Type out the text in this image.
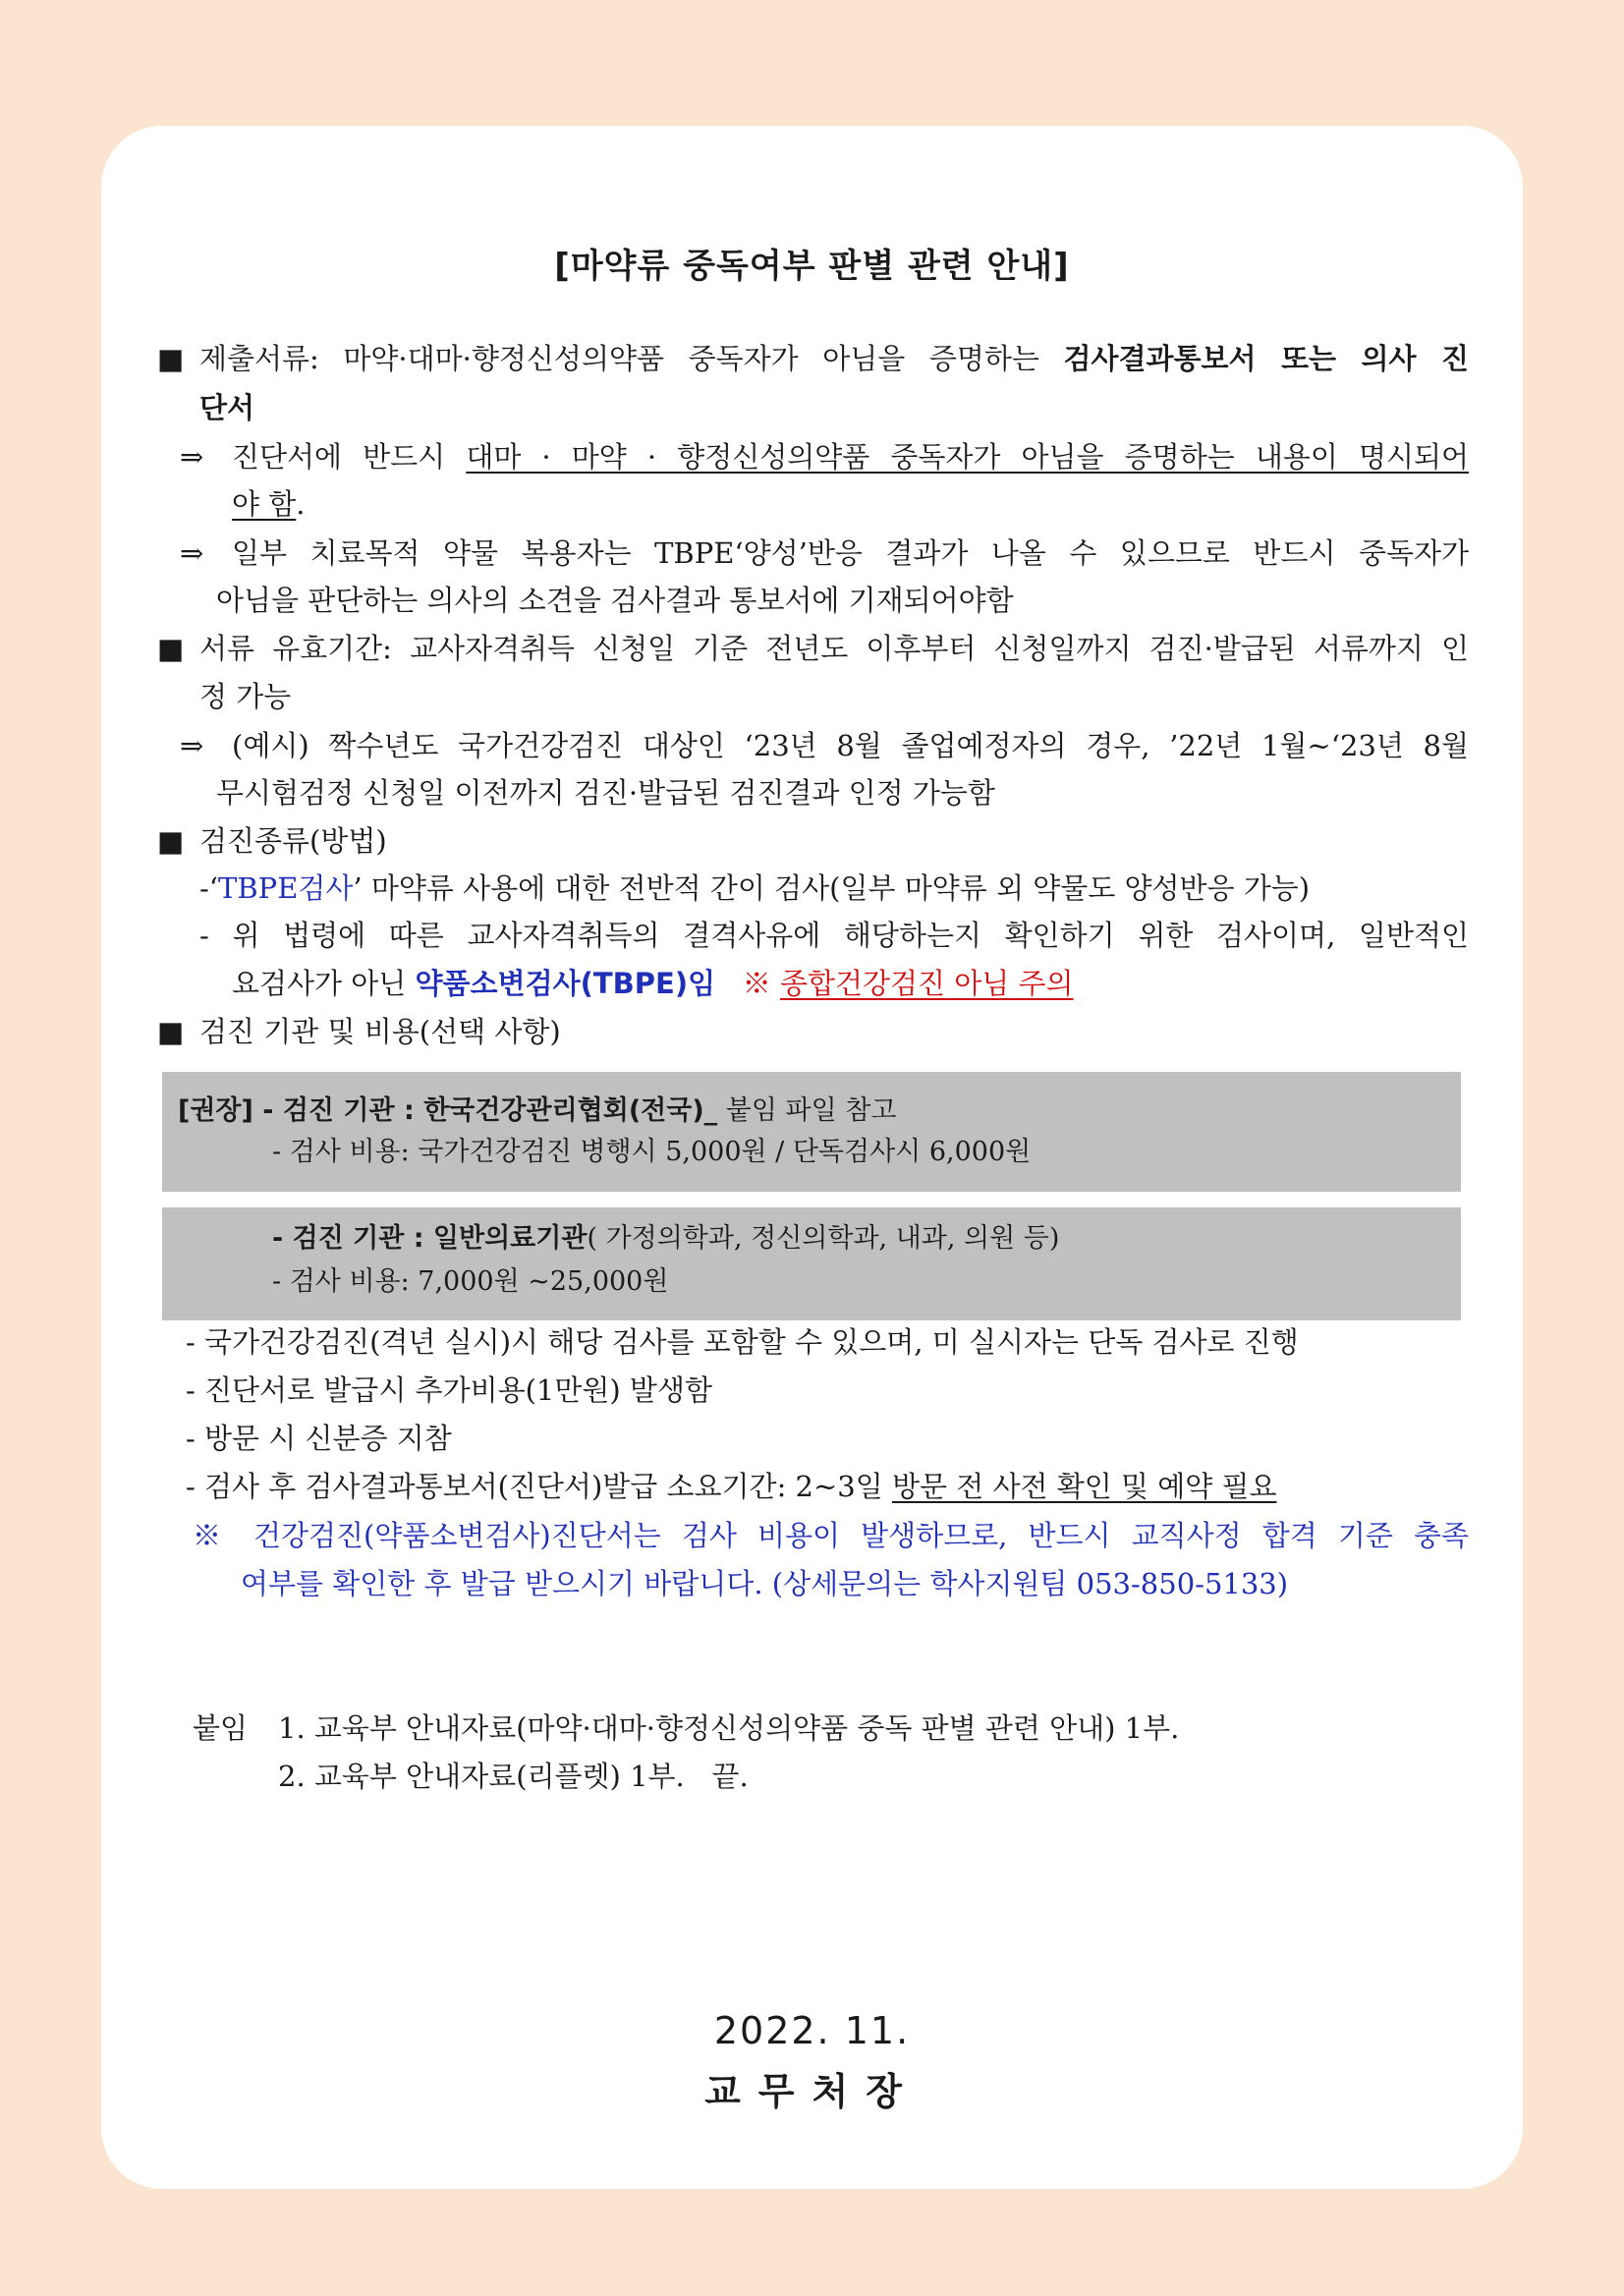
[마약류 중독여부 판별 관련 안내]
■ 제출서류: 마약·대마·향정신성의약품 중독자가 아님을 증명하는 검사결과통보서 또는 의사 진
단서
⇒ 진단서에 반드시 대마 · 마약 · 향정신성의약품 중독자가 아님을 증명하는 내용이 명시되어
야 함.
⇒ 일부 치료목적 약물 복용자는 TBPE‘양성’반응 결과가 나올 수 있으므로 반드시 중독자가
아님을 판단하는 의사의 소견을 검사결과 통보서에 기재되어야함
■ 서류 유효기간: 교사자격취득 신청일 기준 전년도 이후부터 신청일까지 검진·발급된 서류까지 인
정 가능
⇒ (예시) 짝수년도 국가건강검진 대상인 ‘23년 8월 졸업예정자의 경우, ’22년 1월~‘23년 8월
무시험검정 신청일 이전까지 검진·발급된 검진결과 인정 가능함
■ 검진종류(방법)
-‘TBPE검사’ 마약류 사용에 대한 전반적 간이 검사(일부 마약류 외 약물도 양성반응 가능)
- 위 법령에 따른 교사자격취득의 결격사유에 해당하는지 확인하기 위한 검사이며, 일반적인
요검사가 아닌 약품소변검사(TBPE)임 ※ 종합건강검진 아님 주의
■ 검진 기관 및 비용(선택 사항)
[권장] - 검진 기관 : 한국건강관리협회(전국)_ 붙임 파일 참고
- 검사 비용: 국가건강검진 병행시 5,000원 / 단독검사시 6,000원
- 검진 기관 : 일반의료기관( 가정의학과, 정신의학과, 내과, 의원 등)
- 검사 비용: 7,000원 ~25,000원
- 국가건강검진(격년 실시)시 해당 검사를 포함할 수 있으며, 미 실시자는 단독 검사로 진행
- 진단서로 발급시 추가비용(1만원) 발생함
- 방문 시 신분증 지참
- 검사 후 검사결과통보서(진단서)발급 소요기간: 2~3일 방문 전 사전 확인 및 예약 필요
※ 건강검진(약품소변검사)진단서는 검사 비용이 발생하므로, 반드시 교직사정 합격 기준 충족
여부를 확인한 후 발급 받으시기 바랍니다. (상세문의는 학사지원팀 053-850-5133)
붙임 1. 교육부 안내자료(마약·대마·향정신성의약품 중독 판별 관련 안내) 1부.
2. 교육부 안내자료(리플렛) 1부.   끝.
2022. 11.
교무처장
